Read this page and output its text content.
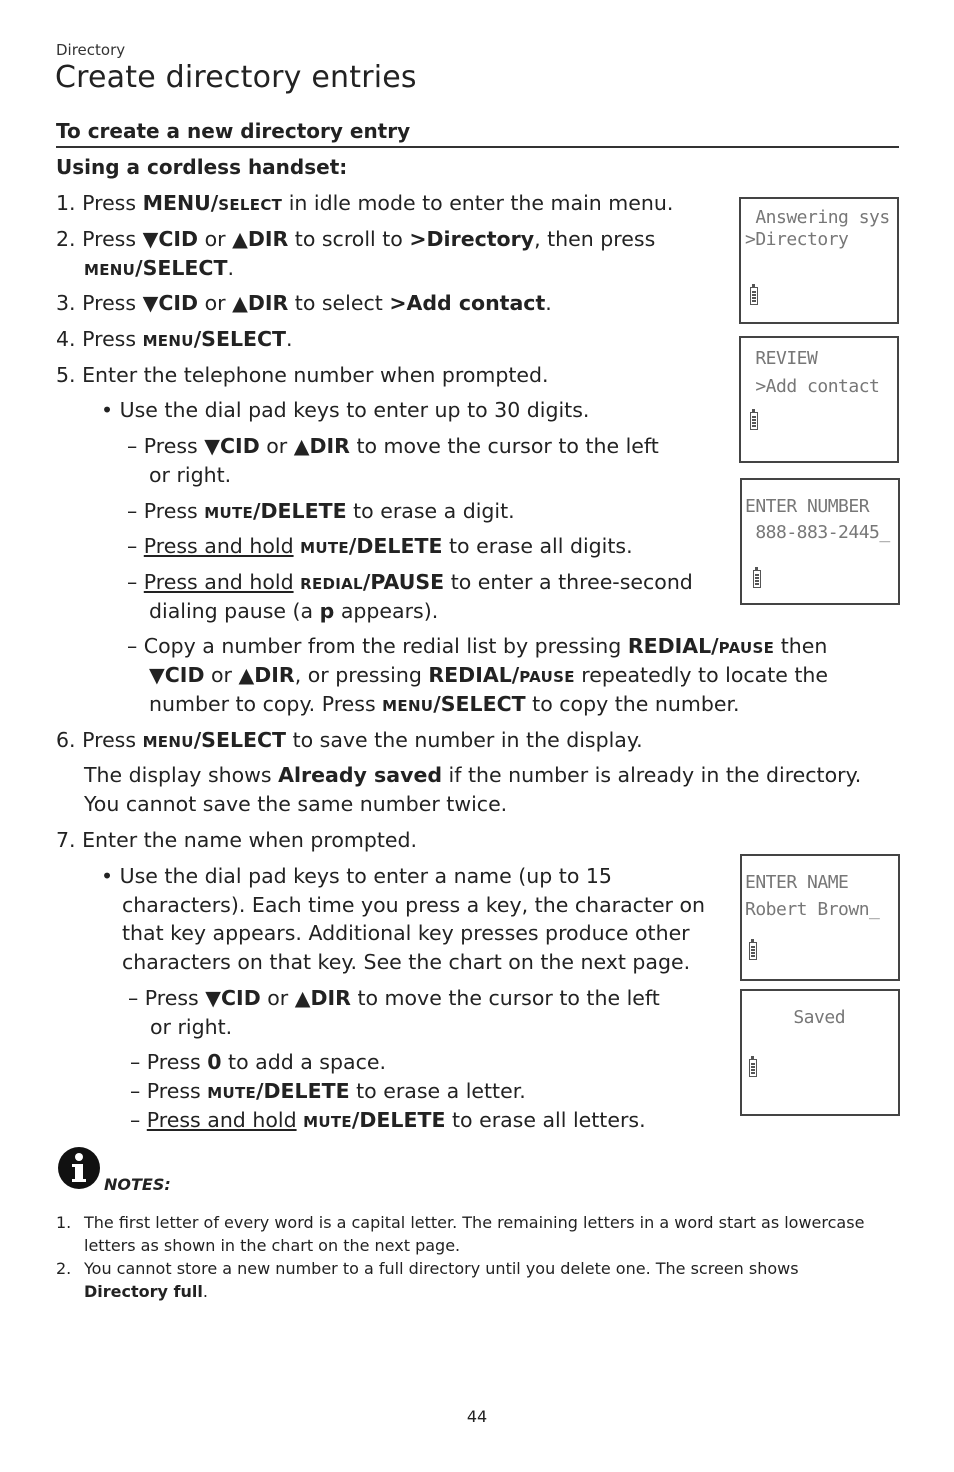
Directory
Create directory entries
To create a new directory entry
Using a cordless handset:
1. Press MENU/SELECT in idle mode to enter the main menu.
2. Press ▼CID or ▲DIR to scroll to >Directory, then press
MENU/SELECT.
3. Press ▼CID or ▲DIR to select >Add contact.
4. Press MENU/SELECT.
5. Enter the telephone number when prompted.
• Use the dial pad keys to enter up to 30 digits.
– Press ▼CID or ▲DIR to move the cursor to the left
or right.
– Press MUTE/DELETE to erase a digit.
– Press and hold MUTE/DELETE to erase all digits.
– Press and hold REDIAL/PAUSE to enter a three-second
dialing pause (a p appears).
– Copy a number from the redial list by pressing REDIAL/PAUSE then
▼CID or ▲DIR, or pressing REDIAL/PAUSE repeatedly to locate the
number to copy. Press MENU/SELECT to copy the number.
6. Press MENU/SELECT to save the number in the display.
The display shows Already saved if the number is already in the directory.
You cannot save the same number twice.
7. Enter the name when prompted.
• Use the dial pad keys to enter a name (up to 15
characters). Each time you press a key, the character on
that key appears. Additional key presses produce other
characters on that key. See the chart on the next page.
– Press ▼CID or ▲DIR to move the cursor to the left
or right.
– Press 0 to add a space.
– Press MUTE/DELETE to erase a letter.
– Press and hold MUTE/DELETE to erase all letters.
Answering sys
>Directory
REVIEW
>Add contact
ENTER NUMBER
888-883-2445_
ENTER NAME
Robert Brown_
Saved
NOTES:
1. The first letter of every word is a capital letter. The remaining letters in a word start as lowercase
letters as shown in the chart on the next page.
2. You cannot store a new number to a full directory until you delete one. The screen shows
Directory full.
44
